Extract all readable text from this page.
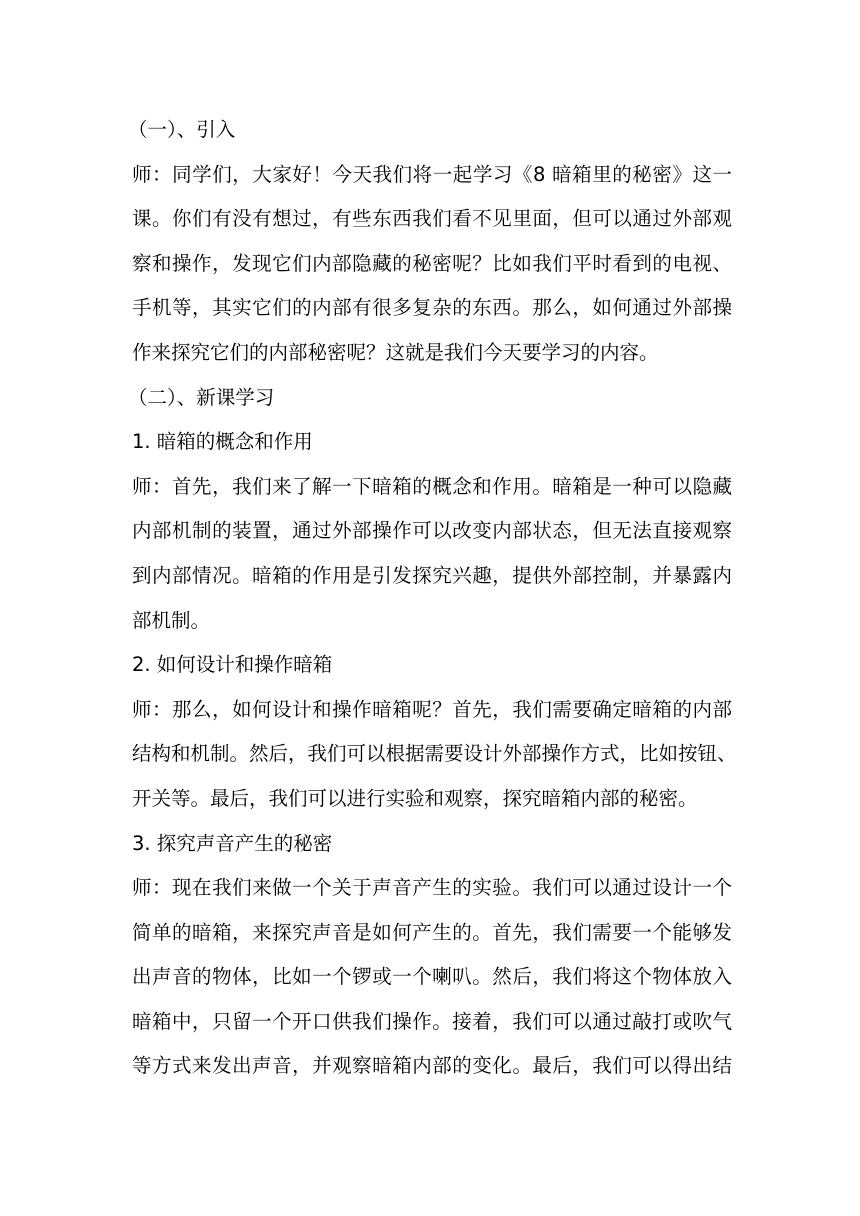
（一）、引入
师：同学们，大家好！今天我们将一起学习《8 暗箱里的秘密》这一
课。你们有没有想过，有些东西我们看不见里面，但可以通过外部观
察和操作，发现它们内部隐藏的秘密呢？比如我们平时看到的电视、
手机等，其实它们的内部有很多复杂的东西。那么，如何通过外部操
作来探究它们的内部秘密呢？这就是我们今天要学习的内容。
（二）、新课学习
1. 暗箱的概念和作用
师：首先，我们来了解一下暗箱的概念和作用。暗箱是一种可以隐藏
内部机制的装置，通过外部操作可以改变内部状态，但无法直接观察
到内部情况。暗箱的作用是引发探究兴趣，提供外部控制，并暴露内
部机制。
2. 如何设计和操作暗箱
师：那么，如何设计和操作暗箱呢？首先，我们需要确定暗箱的内部
结构和机制。然后，我们可以根据需要设计外部操作方式，比如按钮、
开关等。最后，我们可以进行实验和观察，探究暗箱内部的秘密。
3. 探究声音产生的秘密
师：现在我们来做一个关于声音产生的实验。我们可以通过设计一个
简单的暗箱，来探究声音是如何产生的。首先，我们需要一个能够发
出声音的物体，比如一个锣或一个喇叭。然后，我们将这个物体放入
暗箱中，只留一个开口供我们操作。接着，我们可以通过敲打或吹气
等方式来发出声音，并观察暗箱内部的变化。最后，我们可以得出结
